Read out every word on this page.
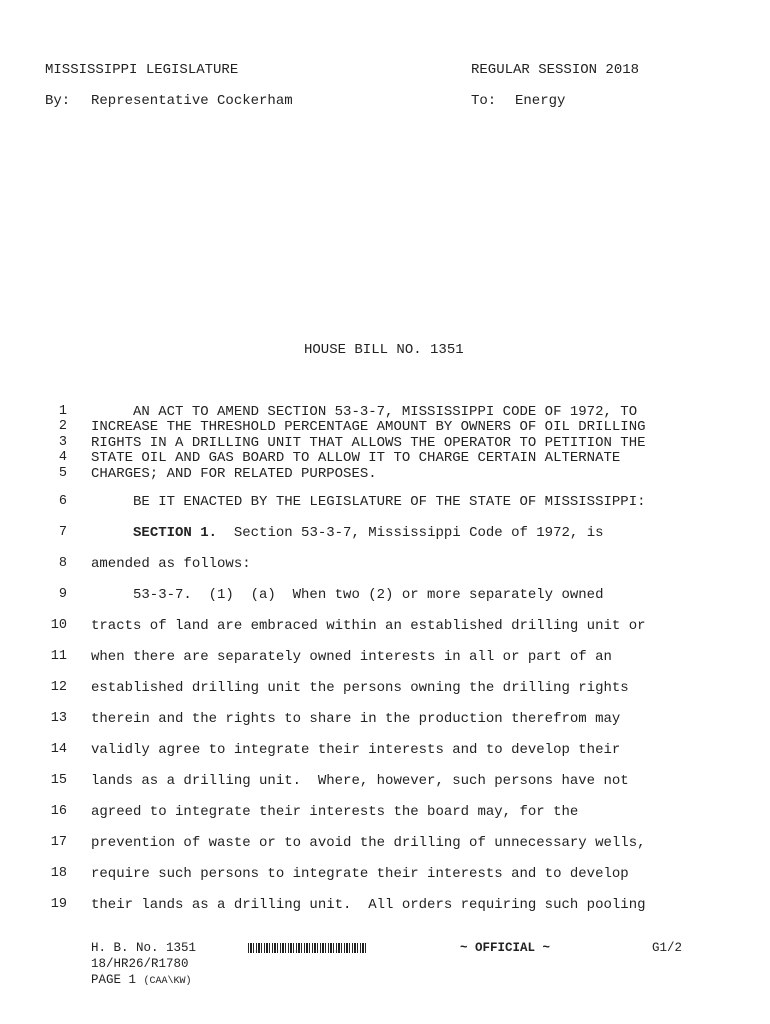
MISSISSIPPI LEGISLATURE	REGULAR SESSION 2018
By: Representative Cockerham	To: Energy
HOUSE BILL NO. 1351
1 AN ACT TO AMEND SECTION 53-3-7, MISSISSIPPI CODE OF 1972, TO
2 INCREASE THE THRESHOLD PERCENTAGE AMOUNT BY OWNERS OF OIL DRILLING
3 RIGHTS IN A DRILLING UNIT THAT ALLOWS THE OPERATOR TO PETITION THE
4 STATE OIL AND GAS BOARD TO ALLOW IT TO CHARGE CERTAIN ALTERNATE
5 CHARGES; AND FOR RELATED PURPOSES.
6 BE IT ENACTED BY THE LEGISLATURE OF THE STATE OF MISSISSIPPI:
7	SECTION 1.  Section 53-3-7, Mississippi Code of 1972, is
8 amended as follows:
9 53-3-7.  (1)  (a)  When two (2) or more separately owned
10 tracts of land are embraced within an established drilling unit or
11 when there are separately owned interests in all or part of an
12 established drilling unit the persons owning the drilling rights
13 therein and the rights to share in the production therefrom may
14 validly agree to integrate their interests and to develop their
15 lands as a drilling unit.  Where, however, such persons have not
16 agreed to integrate their interests the board may, for the
17 prevention of waste or to avoid the drilling of unnecessary wells,
18 require such persons to integrate their interests and to develop
19 their lands as a drilling unit.  All orders requiring such pooling
H. B. No. 1351	~ OFFICIAL ~	G1/2
18/HR26/R1780
PAGE 1 (CAA\KW)
